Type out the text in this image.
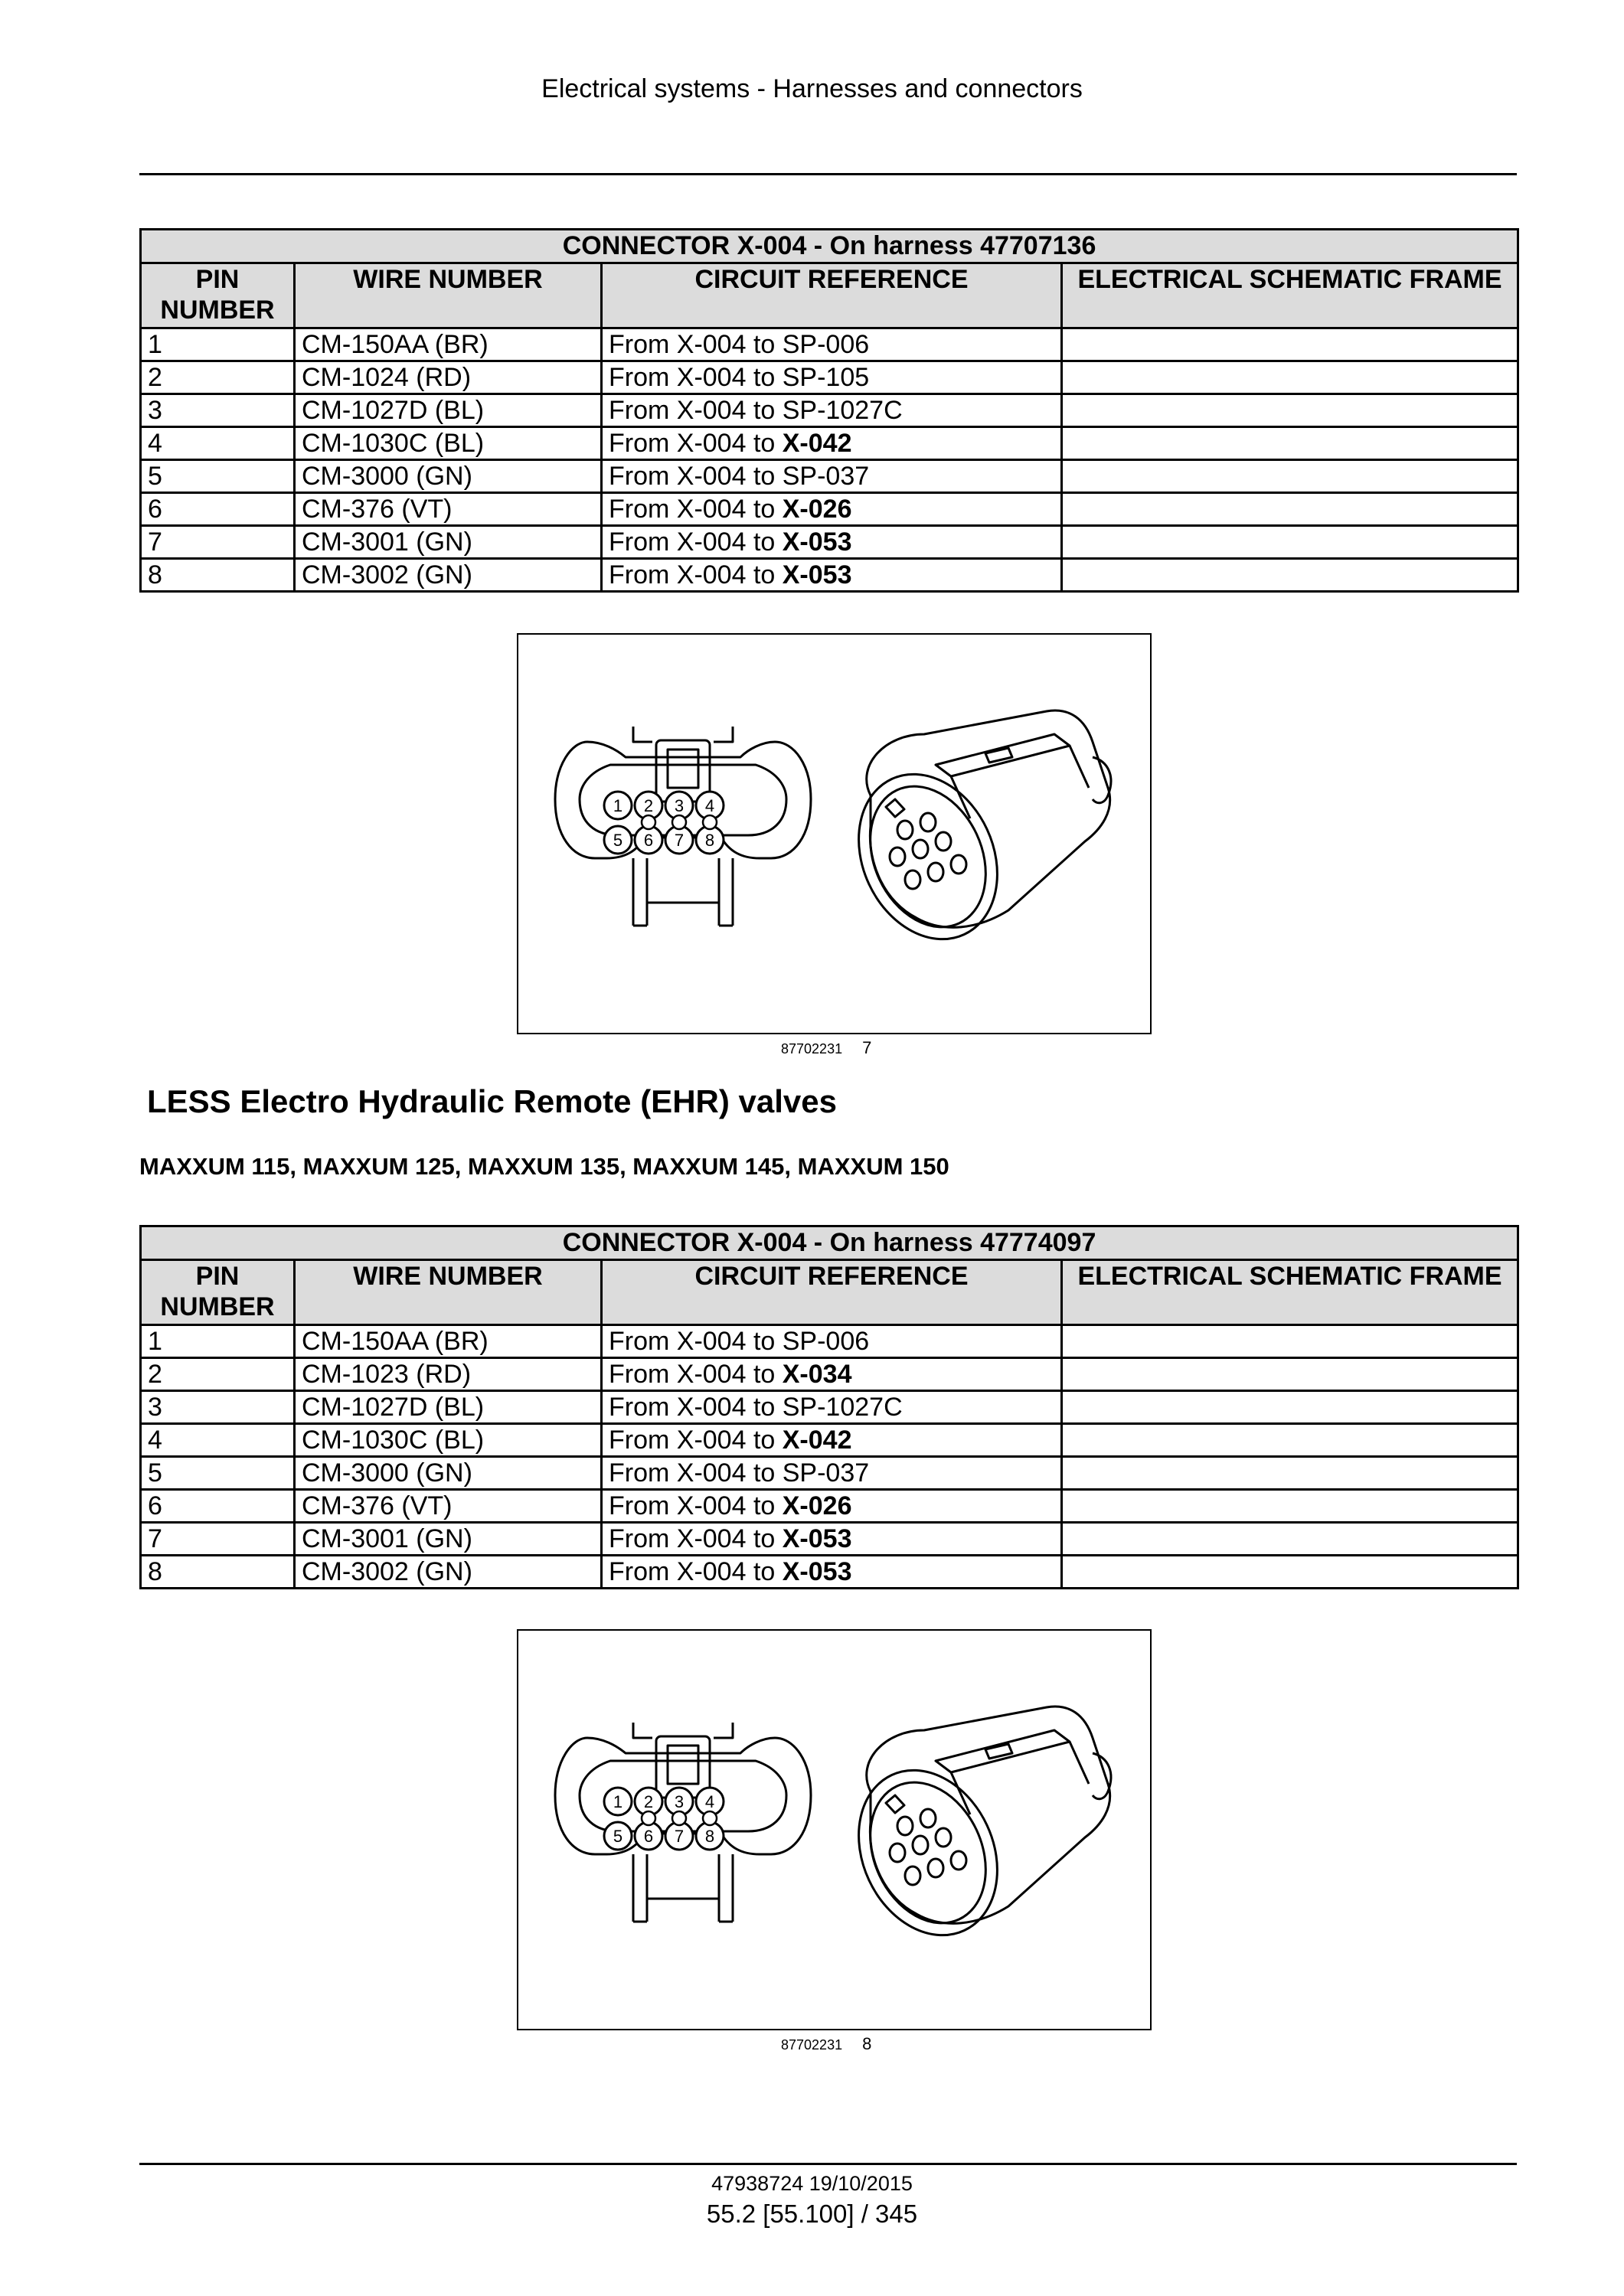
Electrical systems - Harnesses and connectors
CONNECTOR X-004 - On harness 47707136			
PIN
NUMBER	WIRE NUMBER	CIRCUIT REFERENCE	ELECTRICAL SCHEMATIC FRAME
1	CM-150AA (BR)	From X-004 to SP-006	
2	CM-1024 (RD)	From X-004 to SP-105	
3	CM-1027D (BL)	From X-004 to SP-1027C	
4	CM-1030C (BL)	From X-004 to X-042	
5	CM-3000 (GN)	From X-004 to SP-037	
6	CM-376 (VT)	From X-004 to X-026	
7	CM-3001 (GN)	From X-004 to X-053	
8	CM-3002 (GN)	From X-004 to X-053	
1 2 3 4
5 6 7 8
87702231 7
LESS Electro Hydraulic Remote (EHR) valves
MAXXUM 115, MAXXUM 125, MAXXUM 135, MAXXUM 145, MAXXUM 150
CONNECTOR X-004 - On harness 47774097			
PIN
NUMBER	WIRE NUMBER	CIRCUIT REFERENCE	ELECTRICAL SCHEMATIC FRAME
1	CM-150AA (BR)	From X-004 to SP-006	
2	CM-1023 (RD)	From X-004 to X-034	
3	CM-1027D (BL)	From X-004 to SP-1027C	
4	CM-1030C (BL)	From X-004 to X-042	
5	CM-3000 (GN)	From X-004 to SP-037	
6	CM-376 (VT)	From X-004 to X-026	
7	CM-3001 (GN)	From X-004 to X-053	
8	CM-3002 (GN)	From X-004 to X-053	
1 2 3 4
5 6 7 8
87702231 8
47938724 19/10/2015
55.2 [55.100] / 345
